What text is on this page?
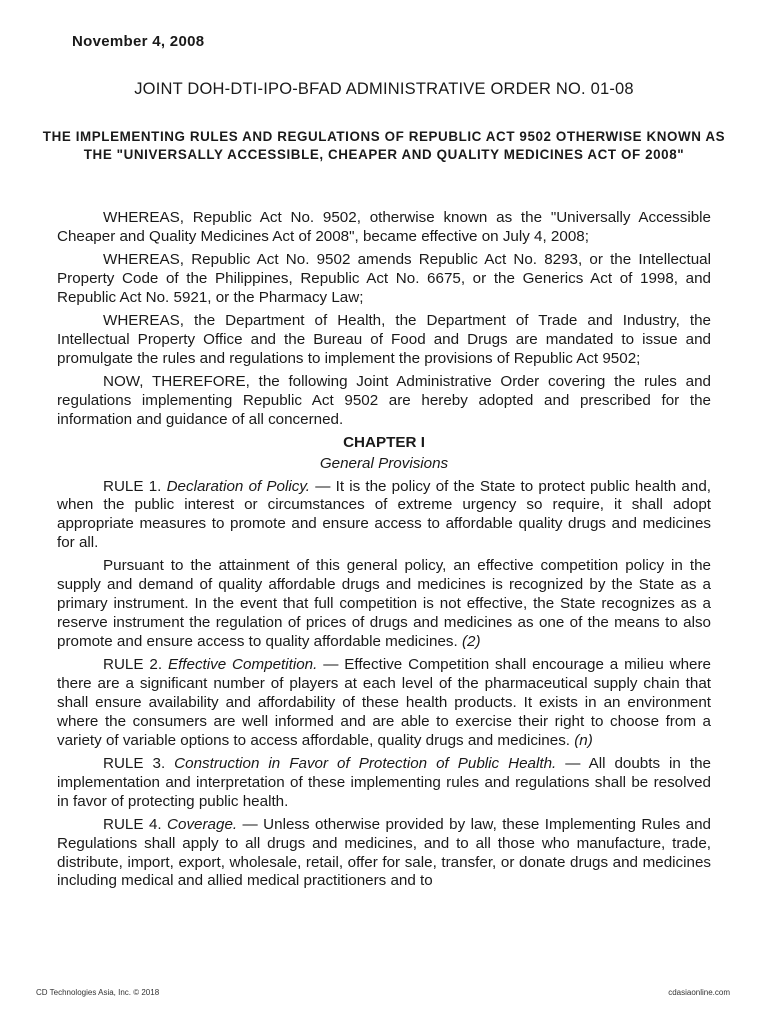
November 4, 2008
JOINT DOH-DTI-IPO-BFAD ADMINISTRATIVE ORDER NO. 01-08
THE IMPLEMENTING RULES AND REGULATIONS OF REPUBLIC ACT 9502 OTHERWISE KNOWN AS THE "UNIVERSALLY ACCESSIBLE, CHEAPER AND QUALITY MEDICINES ACT OF 2008"

WHEREAS, Republic Act No. 9502, otherwise known as the "Universally Accessible Cheaper and Quality Medicines Act of 2008", became effective on July 4, 2008;

WHEREAS, Republic Act No. 9502 amends Republic Act No. 8293, or the Intellectual Property Code of the Philippines, Republic Act No. 6675, or the Generics Act of 1998, and Republic Act No. 5921, or the Pharmacy Law;

WHEREAS, the Department of Health, the Department of Trade and Industry, the Intellectual Property Office and the Bureau of Food and Drugs are mandated to issue and promulgate the rules and regulations to implement the provisions of Republic Act 9502;

NOW, THEREFORE, the following Joint Administrative Order covering the rules and regulations implementing Republic Act 9502 are hereby adopted and prescribed for the information and guidance of all concerned.

CHAPTER I
General Provisions

RULE 1. Declaration of Policy. — It is the policy of the State to protect public health and, when the public interest or circumstances of extreme urgency so require, it shall adopt appropriate measures to promote and ensure access to affordable quality drugs and medicines for all.

Pursuant to the attainment of this general policy, an effective competition policy in the supply and demand of quality affordable drugs and medicines is recognized by the State as a primary instrument. In the event that full competition is not effective, the State recognizes as a reserve instrument the regulation of prices of drugs and medicines as one of the means to also promote and ensure access to quality affordable medicines. (2)

RULE 2. Effective Competition. — Effective Competition shall encourage a milieu where there are a significant number of players at each level of the pharmaceutical supply chain that shall ensure availability and affordability of these health products. It exists in an environment where the consumers are well informed and are able to exercise their right to choose from a variety of variable options to access affordable, quality drugs and medicines. (n)

RULE 3. Construction in Favor of Protection of Public Health. — All doubts in the implementation and interpretation of these implementing rules and regulations shall be resolved in favor of protecting public health.

RULE 4. Coverage. — Unless otherwise provided by law, these Implementing Rules and Regulations shall apply to all drugs and medicines, and to all those who manufacture, trade, distribute, import, export, wholesale, retail, offer for sale, transfer, or donate drugs and medicines including medical and allied medical practitioners and to

CD Technologies Asia, Inc. © 2018	cdasiaonline.com
